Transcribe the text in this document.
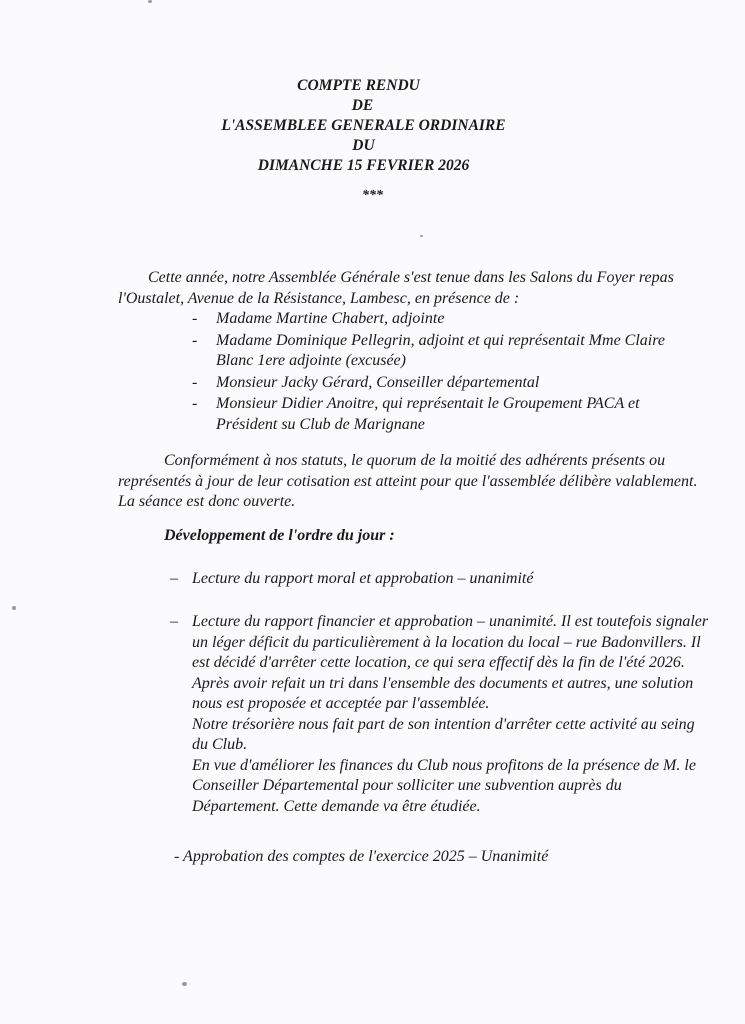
COMPTE RENDU
DE
L'ASSEMBLEE GENERALE ORDINAIRE
DU
DIMANCHE 15 FEVRIER 2026
***
Cette année, notre Assemblée Générale s'est tenue dans les Salons du Foyer repas l'Oustalet, Avenue de la Résistance, Lambesc, en présence de :
- Madame Martine Chabert, adjointe
- Madame Dominique Pellegrin, adjoint et qui représentait Mme Claire Blanc 1ere adjointe (excusée)
- Monsieur Jacky Gérard, Conseiller départemental
- Monsieur Didier Anoitre, qui représentait le Groupement PACA et Président su Club de Marignane
Conformément à nos statuts, le quorum de la moitié des adhérents présents ou représentés à jour de leur cotisation est atteint pour que l'assemblée délibère valablement. La séance est donc ouverte.
Développement de l'ordre du jour :
– Lecture du rapport moral et approbation – unanimité
– Lecture du rapport financier et approbation – unanimité. Il est toutefois signaler un léger déficit du particulièrement à la location du local – rue Badonvillers. Il est décidé d'arrêter cette location, ce qui sera effectif dès la fin de l'été 2026.
Après avoir refait un tri dans l'ensemble des documents et autres, une solution nous est proposée et acceptée par l'assemblée.
Notre trésorière nous fait part de son intention d'arrêter cette activité au seing du Club.
En vue d'améliorer les finances du Club nous profitons de la présence de M. le Conseiller Départemental pour solliciter une subvention auprès du Département. Cette demande va être étudiée.
- Approbation des comptes de l'exercice 2025 – Unanimité
